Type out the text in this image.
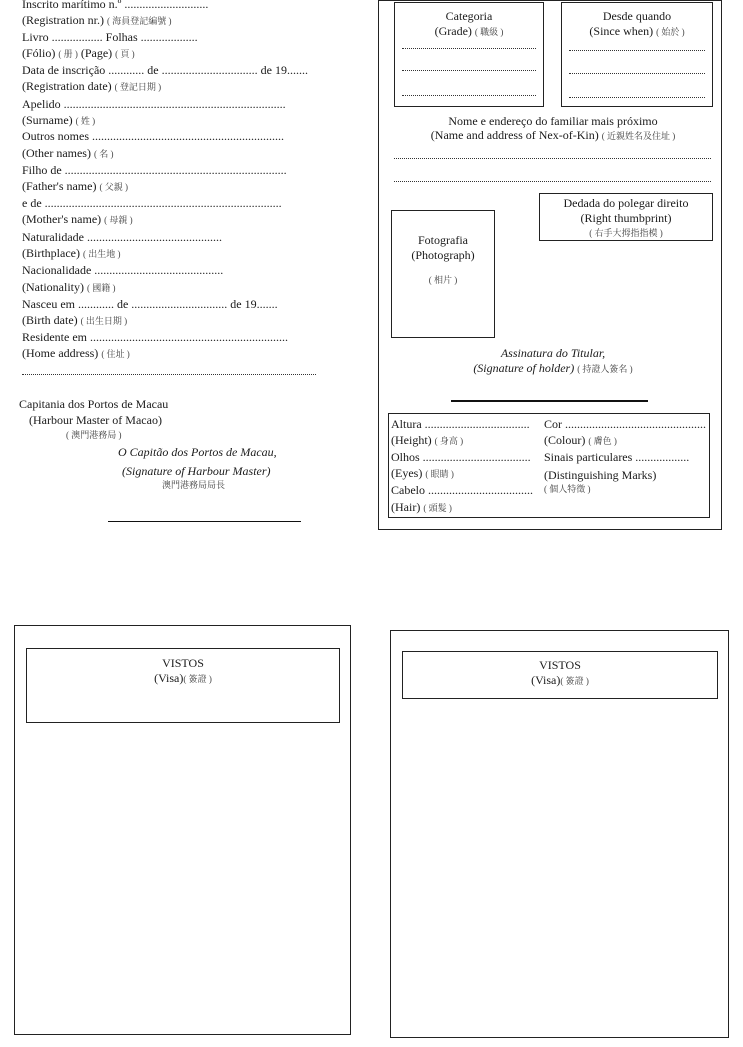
Inscrito marítimo n.º ............................
(Registration nr.) ( 海員登記編號 )
Livro ................. Folhas ...................
(Fólio) ( 册 ) (Page) ( 頁 )
Data de inscrição ............ de ................................ de 19.......
(Registration date) ( 登記日期 )
Apelido ..........................................................................
(Surname) ( 姓 )
Outros nomes ................................................................
(Other names) ( 名 )
Filho de ..........................................................................
(Father's name) ( 父親 )
e de ...............................................................................
(Mother's name) ( 母親 )
Naturalidade .............................................
(Birthplace) ( 出生地 )
Nacionalidade ...........................................
(Nationality) ( 國籍 )
Nasceu em ............ de ................................ de 19.......
(Birth date) ( 出生日期 )
Residente em ..................................................................
(Home address) ( 住址 )
Capitania dos Portos de Macau
(Harbour Master of Macao)
( 澳門港務局 )
O Capitão dos Portos de Macau,
(Signature of Harbour Master)
澳門港務局局長
Categoria
(Grade) ( 職級 )
Desde quando
(Since when) ( 始於 )
Nome e endereço do familiar mais próximo
(Name and address of Nex-of-Kin) ( 近親姓名及住址 )
Dedada do polegar direito
(Right thumbprint)
( 右手大拇指指模 )
Fotografia
(Photograph)
( 相片 )
Assinatura do Titular,
(Signature of holder) ( 持證人簽名 )
Altura ...................................
(Height) ( 身高 )
Olhos ....................................
(Eyes) ( 眼睛 )
Cabelo ...................................
(Hair) ( 頭髮 )
Cor ...............................................
(Colour) ( 膚色 )
Sinais particulares ..................
(Distinguishing Marks)
( 個人特徵 )
VISTOS
(Visa)( 簽證 )
VISTOS
(Visa)( 簽證 )
